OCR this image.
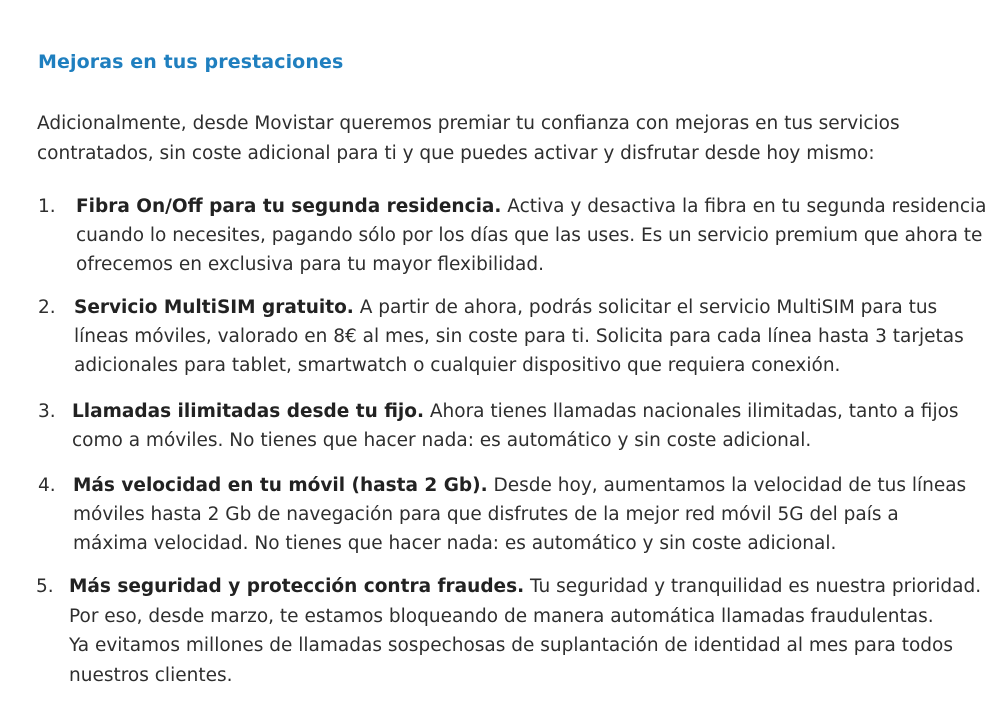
Mejoras en tus prestaciones
Adicionalmente, desde Movistar queremos premiar tu confianza con mejoras en tus servicios
contratados, sin coste adicional para ti y que puedes activar y disfrutar desde hoy mismo:
1. Fibra On/Off para tu segunda residencia. Activa y desactiva la fibra en tu segunda residencia
cuando lo necesites, pagando sólo por los días que las uses. Es un servicio premium que ahora te
ofrecemos en exclusiva para tu mayor flexibilidad.
2. Servicio MultiSIM gratuito. A partir de ahora, podrás solicitar el servicio MultiSIM para tus
líneas móviles, valorado en 8€ al mes, sin coste para ti. Solicita para cada línea hasta 3 tarjetas
adicionales para tablet, smartwatch o cualquier dispositivo que requiera conexión.
3. Llamadas ilimitadas desde tu fijo. Ahora tienes llamadas nacionales ilimitadas, tanto a fijos
como a móviles. No tienes que hacer nada: es automático y sin coste adicional.
4. Más velocidad en tu móvil (hasta 2 Gb). Desde hoy, aumentamos la velocidad de tus líneas
móviles hasta 2 Gb de navegación para que disfrutes de la mejor red móvil 5G del país a
máxima velocidad. No tienes que hacer nada: es automático y sin coste adicional.
5. Más seguridad y protección contra fraudes. Tu seguridad y tranquilidad es nuestra prioridad.
Por eso, desde marzo, te estamos bloqueando de manera automática llamadas fraudulentas.
Ya evitamos millones de llamadas sospechosas de suplantación de identidad al mes para todos
nuestros clientes.
